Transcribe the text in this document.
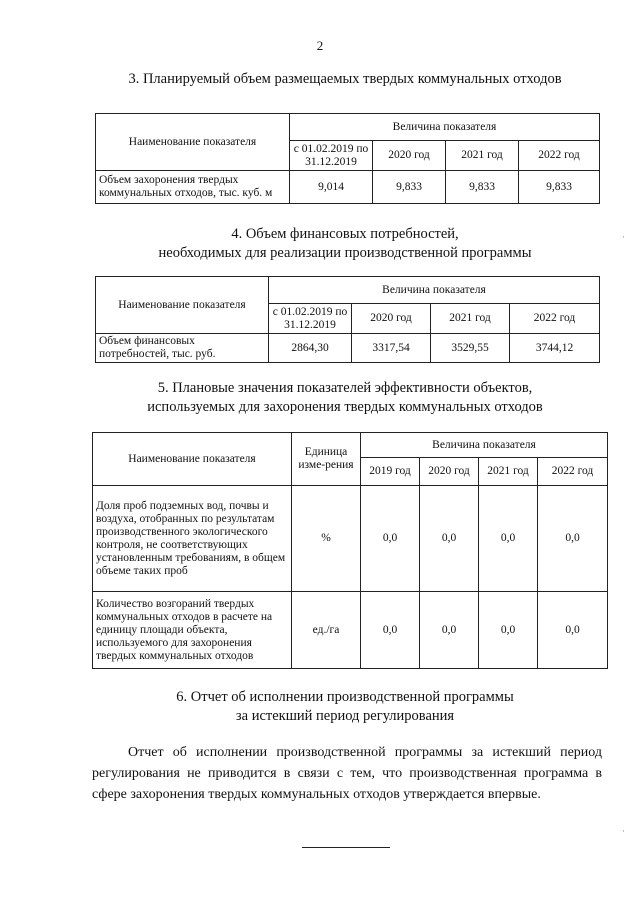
2
3. Планируемый объем размещаемых твердых коммунальных отходов
Наименование показателя	Величина показателя			
	с 01.02.2019 по 31.12.2019	2020 год	2021 год	2022 год
Объем захоронения твердых коммунальных отходов, тыс. куб. м	9,014	9,833	9,833	9,833
4. Объем финансовых потребностей,
необходимых для реализации производственной программы
Наименование показателя	Величина показателя			
	с 01.02.2019 по 31.12.2019	2020 год	2021 год	2022 год
Объем финансовых потребностей, тыс. руб.	2864,30	3317,54	3529,55	3744,12
5. Плановые значения показателей эффективности объектов,
используемых для захоронения твердых коммунальных отходов
Наименование показателя	Единица изме-рения	Величина показателя			
		2019 год	2020 год	2021 год	2022 год
Доля проб подземных вод, почвы и воздуха, отобранных по результатам производственного экологического контроля, не соответствующих установленным требованиям, в общем объеме таких проб	%	0,0	0,0	0,0	0,0
Количество возгораний твердых коммунальных отходов в расчете на единицу площади объекта, используемого для захоронения твердых коммунальных отходов	ед./га	0,0	0,0	0,0	0,0
6. Отчет об исполнении производственной программы
за истекший период регулирования
Отчет об исполнении производственной программы за истекший период регулирования не приводится в связи с тем, что производственная программа в сфере захоронения твердых коммунальных отходов утверждается впервые.
·
·
